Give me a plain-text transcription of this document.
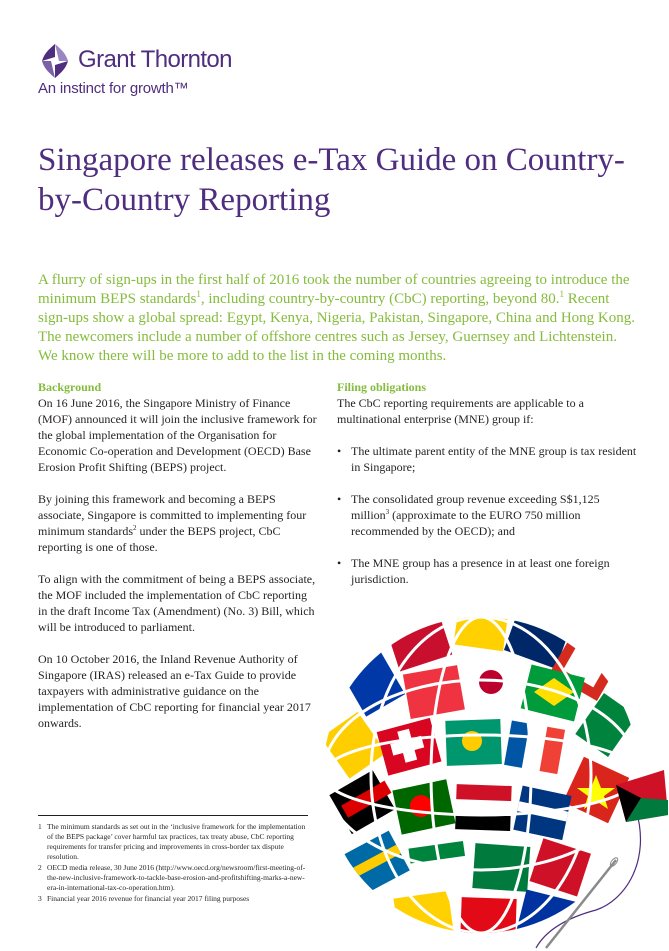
Grant Thornton
An instinct for growth™
Singapore releases e-Tax Guide on Country-by-Country Reporting

A flurry of sign-ups in the first half of 2016 took the number of countries agreeing to introduce the minimum BEPS standards$^1$, including country-by-country (CbC) reporting, beyond 80.$^1$ Recent sign-ups show a global spread: Egypt, Kenya, Nigeria, Pakistan, Singapore, China and Hong Kong. The newcomers include a number of offshore centres such as Jersey, Guernsey and Lichtenstein. We know there will be more to add to the list in the coming months.

Background

On 16 June 2016, the Singapore Ministry of Finance (MOF) announced it will join the inclusive framework for the global implementation of the Organisation for Economic Co-operation and Development (OECD) Base Erosion Profit Shifting (BEPS) project.

By joining this framework and becoming a BEPS associate, Singapore is committed to implementing four minimum standards$^2$ under the BEPS project, CbC reporting is one of those.

To align with the commitment of being a BEPS associate, the MOF included the implementation of CbC reporting in the draft Income Tax (Amendment) (No. 3) Bill, which will be introduced to parliament.

On 10 October 2016, the Inland Revenue Authority of Singapore (IRAS) released an e-Tax Guide to provide taxpayers with administrative guidance on the implementation of CbC reporting for financial year 2017 onwards.

Filing obligations

The CbC reporting requirements are applicable to a multinational enterprise (MNE) group if:

• The ultimate parent entity of the MNE group is tax resident in Singapore;
• The consolidated group revenue exceeding S$1,125 million$^3$ (approximate to the EURO 750 million recommended by the OECD); and
• The MNE group has a presence in at least one foreign jurisdiction.
1 The minimum standards as set out in the ‘inclusive framework for the implementation of the BEPS package’ cover harmful tax practices, tax treaty abuse, CbC reporting requirements for transfer pricing and improvements in cross-border tax dispute resolution.
2 OECD media release, 30 June 2016 (http://www.oecd.org/newsroom/first-meeting-of-the-new-inclusive-framework-to-tackle-base-erosion-and-profitshifting-marks-a-new-era-in-international-tax-co-operation.htm).
3 Financial year 2016 revenue for financial year 2017 filing purposes
